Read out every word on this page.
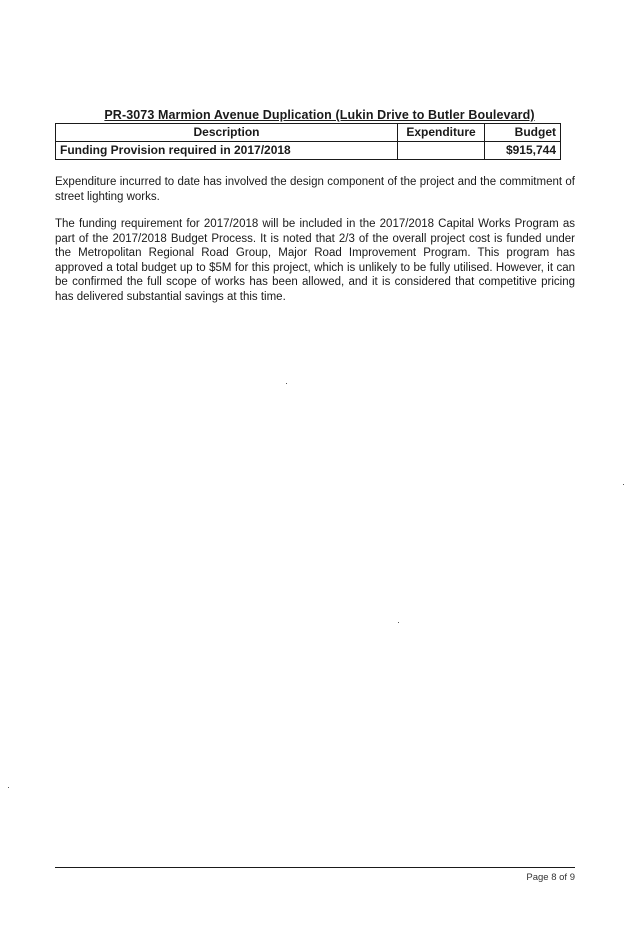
PR-3073 Marmion Avenue Duplication (Lukin Drive to Butler Boulevard)
Description	Expenditure	Budget
Funding Provision required in 2017/2018		$915,744

Expenditure incurred to date has involved the design component of the project and the commitment of street lighting works.

The funding requirement for 2017/2018 will be included in the 2017/2018 Capital Works Program as part of the 2017/2018 Budget Process. It is noted that 2/3 of the overall project cost is funded under the Metropolitan Regional Road Group, Major Road Improvement Program. This program has approved a total budget up to $5M for this project, which is unlikely to be fully utilised. However, it can be confirmed the full scope of works has been allowed, and it is considered that competitive pricing has delivered substantial savings at this time.

Page 8 of 9
